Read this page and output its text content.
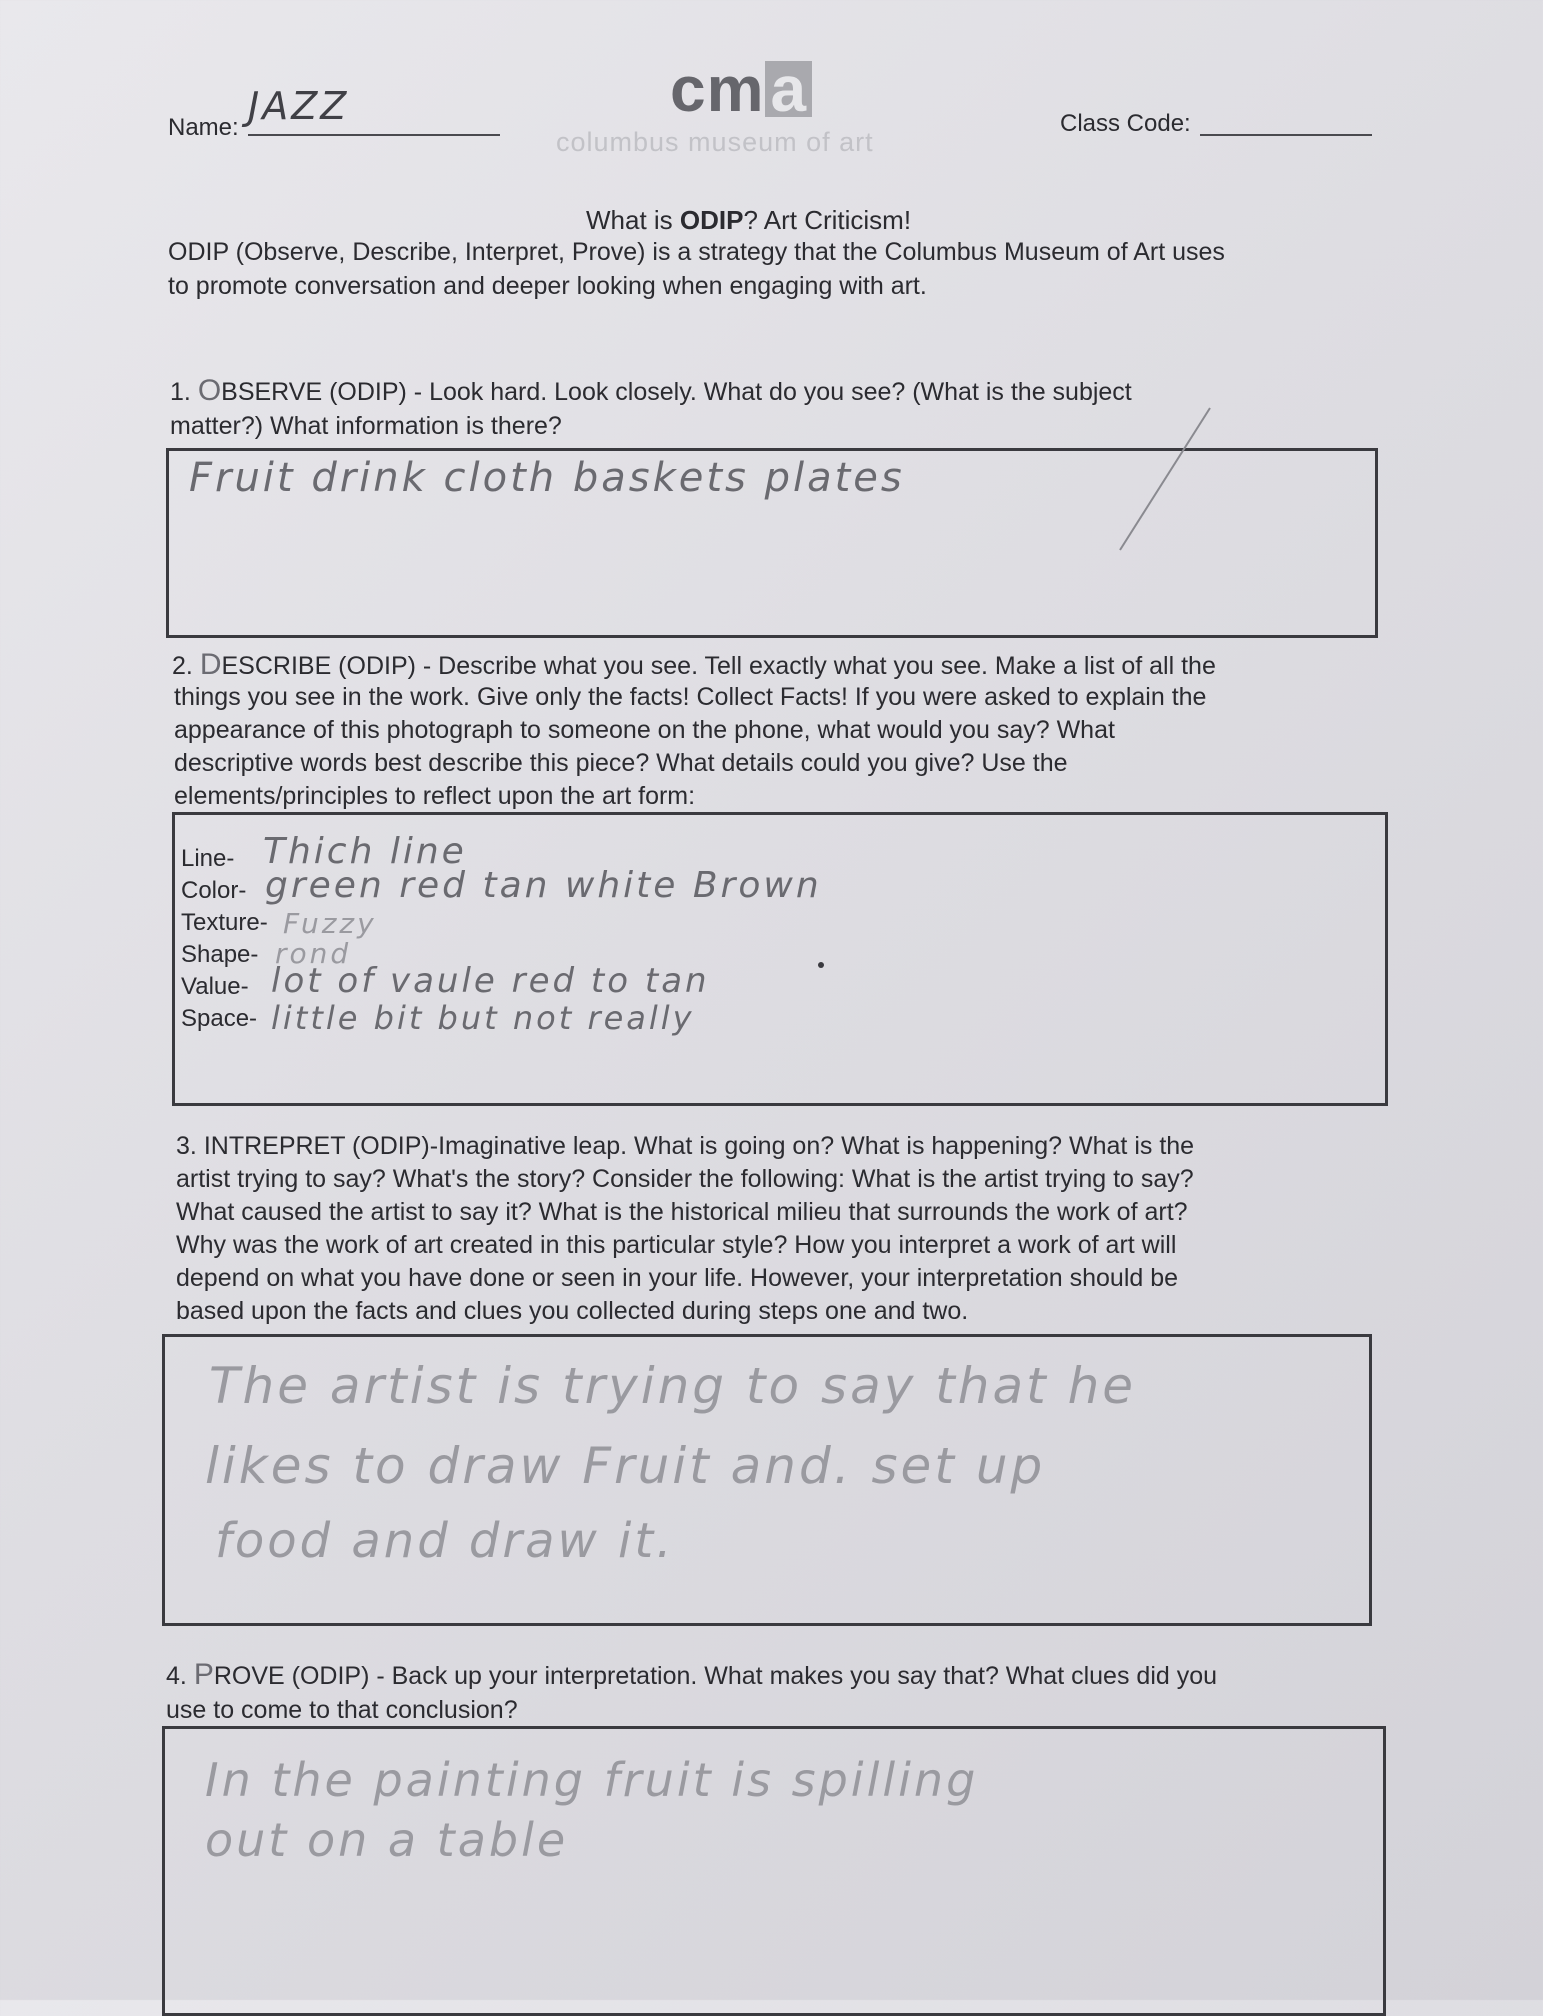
Name: JAZZ	cma
columbus museum of art
Class Code:
What is ODIP? Art Criticism!
ODIP (Observe, Describe, Interpret, Prove) is a strategy that the Columbus Museum of Art uses
to promote conversation and deeper looking when engaging with art.
1. OBSERVE (ODIP) - Look hard. Look closely. What do you see? (What is the subject
matter?) What information is there?
Fruit drink cloth baskets plates
2. DESCRIBE (ODIP) - Describe what you see. Tell exactly what you see. Make a list of all the
things you see in the work. Give only the facts! Collect Facts! If you were asked to explain the
appearance of this photograph to someone on the phone, what would you say? What
descriptive words best describe this piece? What details could you give? Use the
elements/principles to reflect upon the art form:
Line- Thich line
Color- green red tan white Brown
Texture- Fuzzy
Shape- rond
Value- lot of vaule red to tan
Space- little bit but not really
3. INTREPRET (ODIP)-Imaginative leap. What is going on? What is happening? What is the
artist trying to say? What's the story? Consider the following: What is the artist trying to say?
What caused the artist to say it? What is the historical milieu that surrounds the work of art?
Why was the work of art created in this particular style? How you interpret a work of art will
depend on what you have done or seen in your life. However, your interpretation should be
based upon the facts and clues you collected during steps one and two.
The artist is trying to say that he
likes to draw Fruit and. set up
food and draw it.
4. PROVE (ODIP) - Back up your interpretation. What makes you say that? What clues did you
use to come to that conclusion?
In the painting fruit is spilling
out on a table
